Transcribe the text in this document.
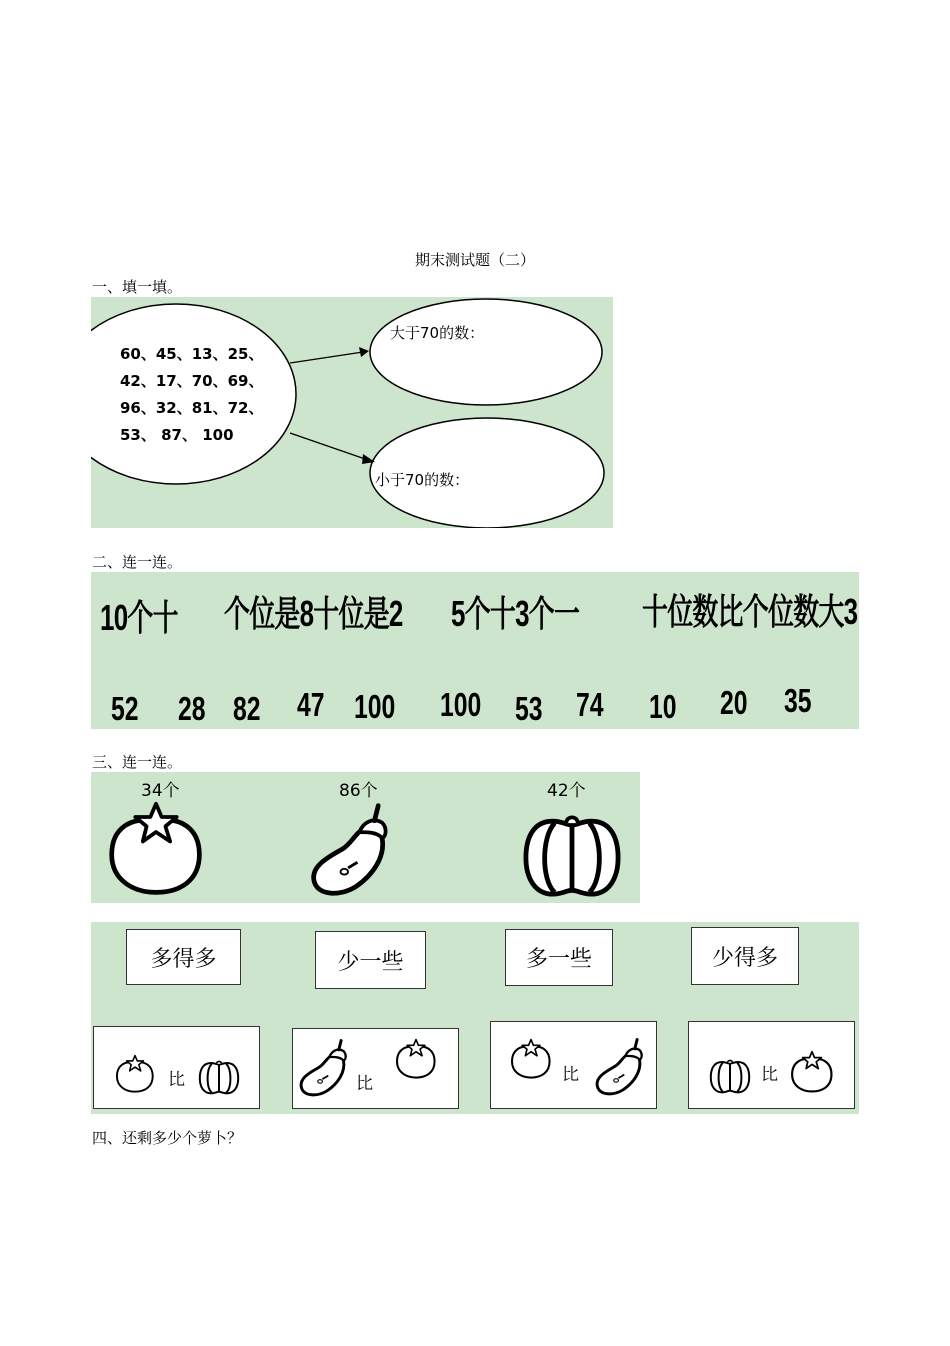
期末测试题（二）
一、填一填。
60、45、13、25、
42、17、70、69、
96、32、81、72、
53、 87、 100
大于70的数：
小于70的数：
二、连一连。
10个十 个位是8十位是2 5个十3个一 十位数比个位数大3
52 28 82 47 100 100 53 74 10 20 35
三、连一连。
34个	86个	42个
多得多	少一些	多一些	少得多
比	比	比	比
四、还剩多少个萝卜？
